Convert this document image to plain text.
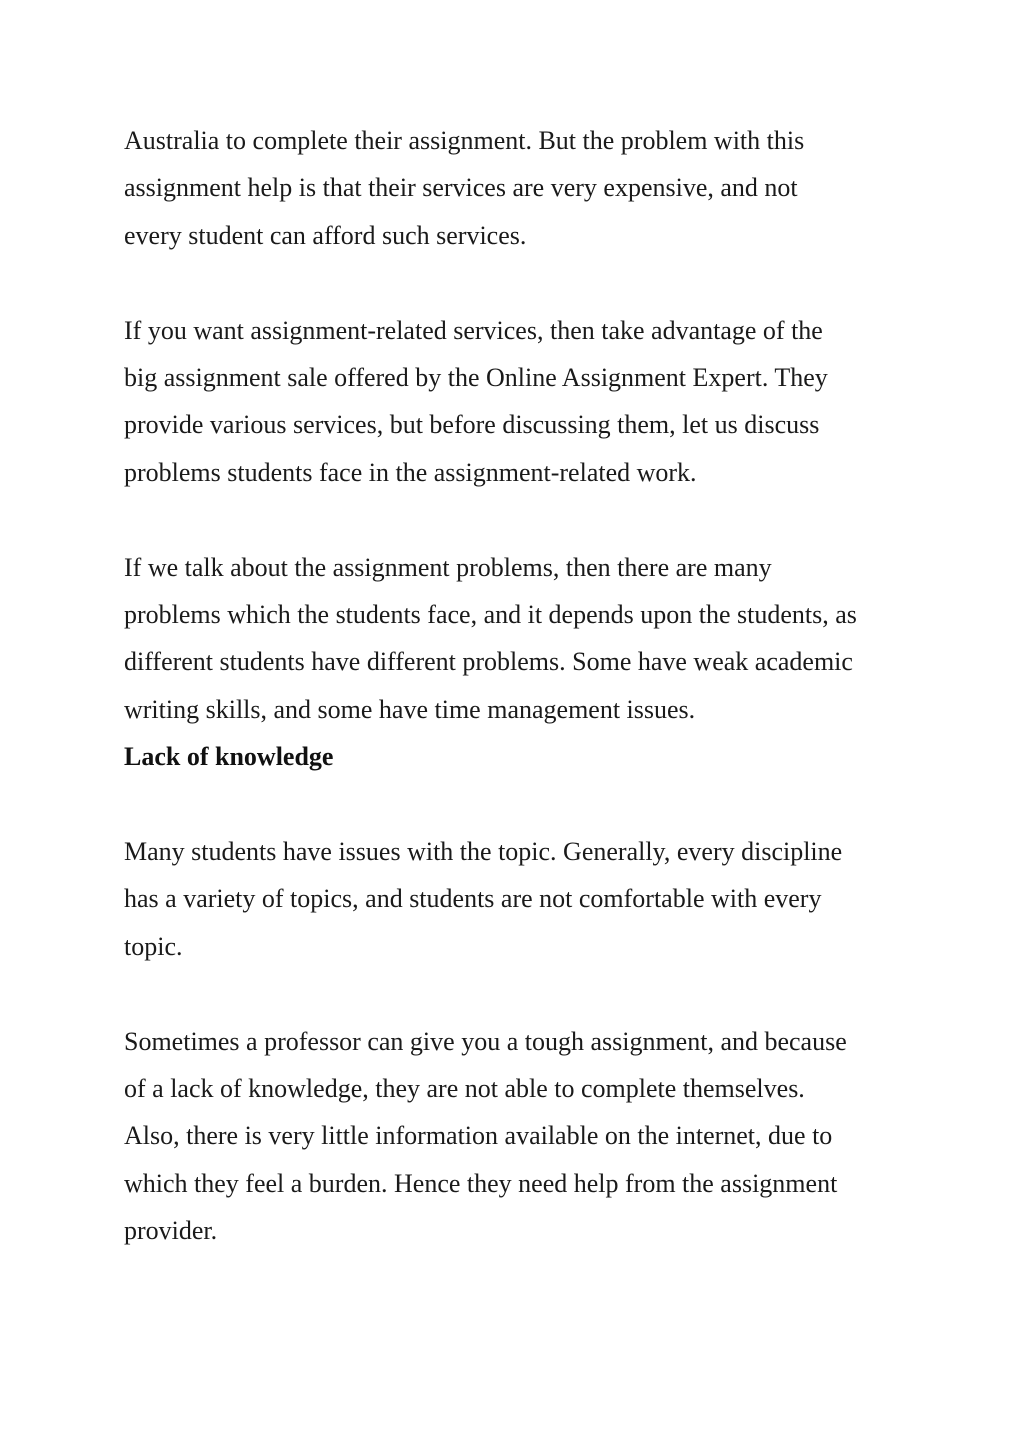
Australia to complete their assignment. But the problem with this
assignment help is that their services are very expensive, and not
every student can afford such services.

If you want assignment-related services, then take advantage of the
big assignment sale offered by the Online Assignment Expert. They
provide various services, but before discussing them, let us discuss
problems students face in the assignment-related work.

If we talk about the assignment problems, then there are many
problems which the students face, and it depends upon the students, as
different students have different problems. Some have weak academic
writing skills, and some have time management issues.

Lack of knowledge

Many students have issues with the topic. Generally, every discipline
has a variety of topics, and students are not comfortable with every
topic.

Sometimes a professor can give you a tough assignment, and because
of a lack of knowledge, they are not able to complete themselves.
Also, there is very little information available on the internet, due to
which they feel a burden. Hence they need help from the assignment
provider.
